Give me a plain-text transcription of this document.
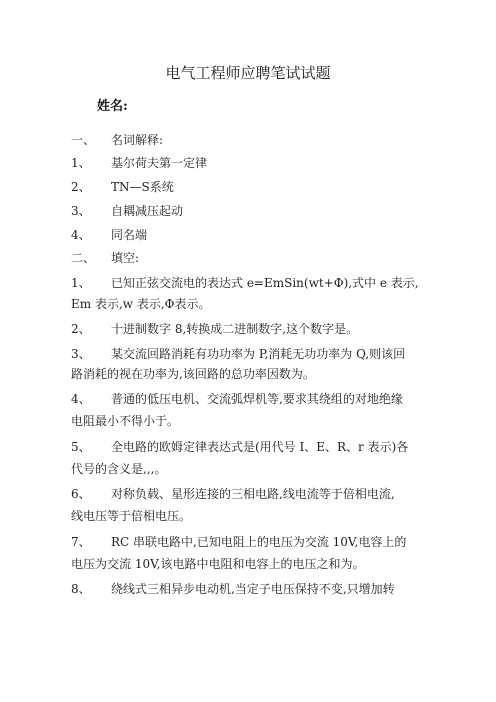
电气工程师应聘笔试试题
姓名:
一、 名词解释:
1、 基尔荷夫第一定律
2、 TN—S系统
3、 自耦减压起动
4、 同名端
二、 填空:
1、 已知正弦交流电的表达式 e=EmSin(wt+Φ),式中 e 表示,
Em 表示,w 表示,Φ表示。
2、 十进制数字 8,转换成二进制数字,这个数字是。
3、 某交流回路消耗有功功率为 P,消耗无功功率为 Q,则该回
路消耗的视在功率为,该回路的总功率因数为。
4、 普通的低压电机、交流弧焊机等,要求其绕组的对地绝缘
电阻最小不得小于。
5、 全电路的欧姆定律表达式是(用代号 I、E、R、r 表示)各
代号的含义是,,,。
6、 对称负载、星形连接的三相电路,线电流等于倍相电流,
线电压等于倍相电压。
7、 RC 串联电路中,已知电阻上的电压为交流 10V,电容上的
电压为交流 10V,该电路中电阻和电容上的电压之和为。
8、 绕线式三相异步电动机,当定子电压保持不变,只增加转
